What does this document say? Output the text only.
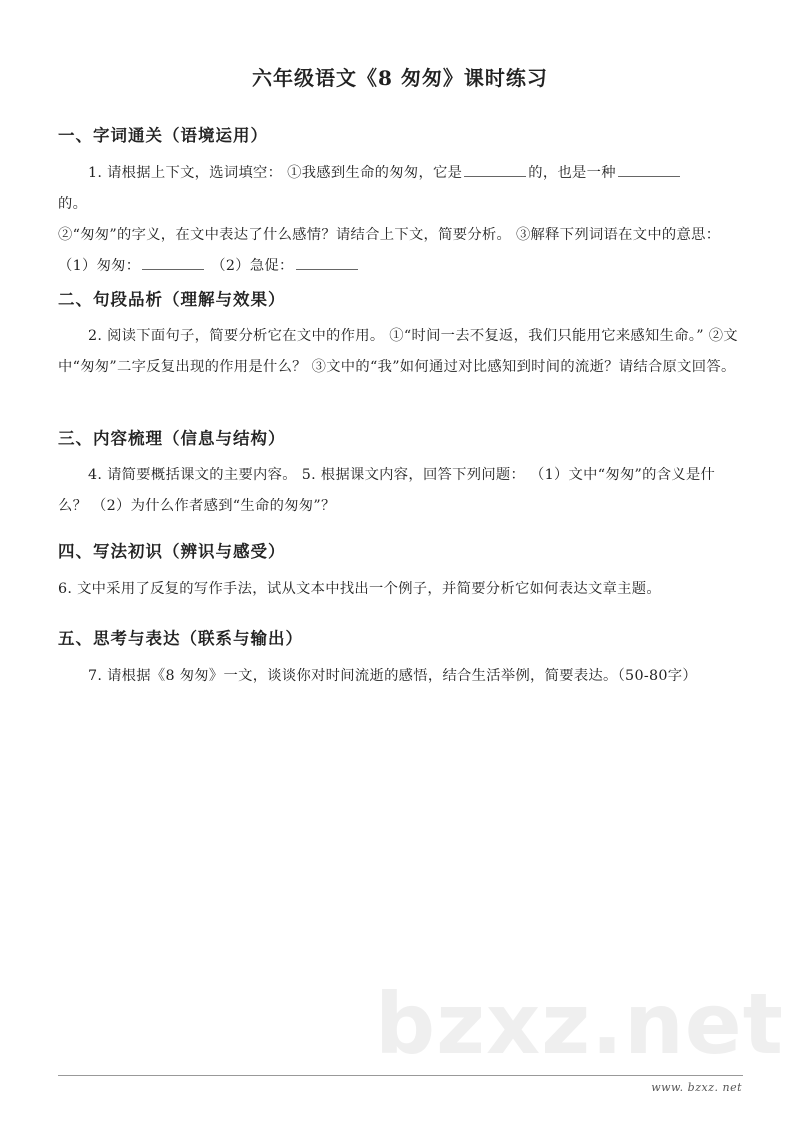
六年级语文《8 匆匆》课时练习
一、字词通关（语境运用）
1. 请根据上下文，选词填空： ①我感到生命的匆匆，它是	的，也是一种
的。
②“匆匆”的字义，在文中表达了什么感情？请结合上下文，简要分析。 ③解释下列词语在文中的意思： （1）匆匆：	（2）急促：
二、句段品析（理解与效果）
2. 阅读下面句子，简要分析它在文中的作用。 ①“时间一去不复返，我们只能用它来感知生命。” ②文中“匆匆”二字反复出现的作用是什么？ ③文中的“我”如何通过对比感知到时间的流逝？请结合原文回答。
三、内容梳理（信息与结构）
4. 请简要概括课文的主要内容。 5. 根据课文内容，回答下列问题： （1）文中“匆匆”的含义是什么？ （2）为什么作者感到“生命的匆匆”？
四、写法初识（辨识与感受）
6. 文中采用了反复的写作手法，试从文本中找出一个例子，并简要分析它如何表达文章主题。
五、思考与表达（联系与输出）
7. 请根据《8 匆匆》一文，谈谈你对时间流逝的感悟，结合生活举例，简要表达。（50-80字）
bzxz.net
www. bzxz. net
